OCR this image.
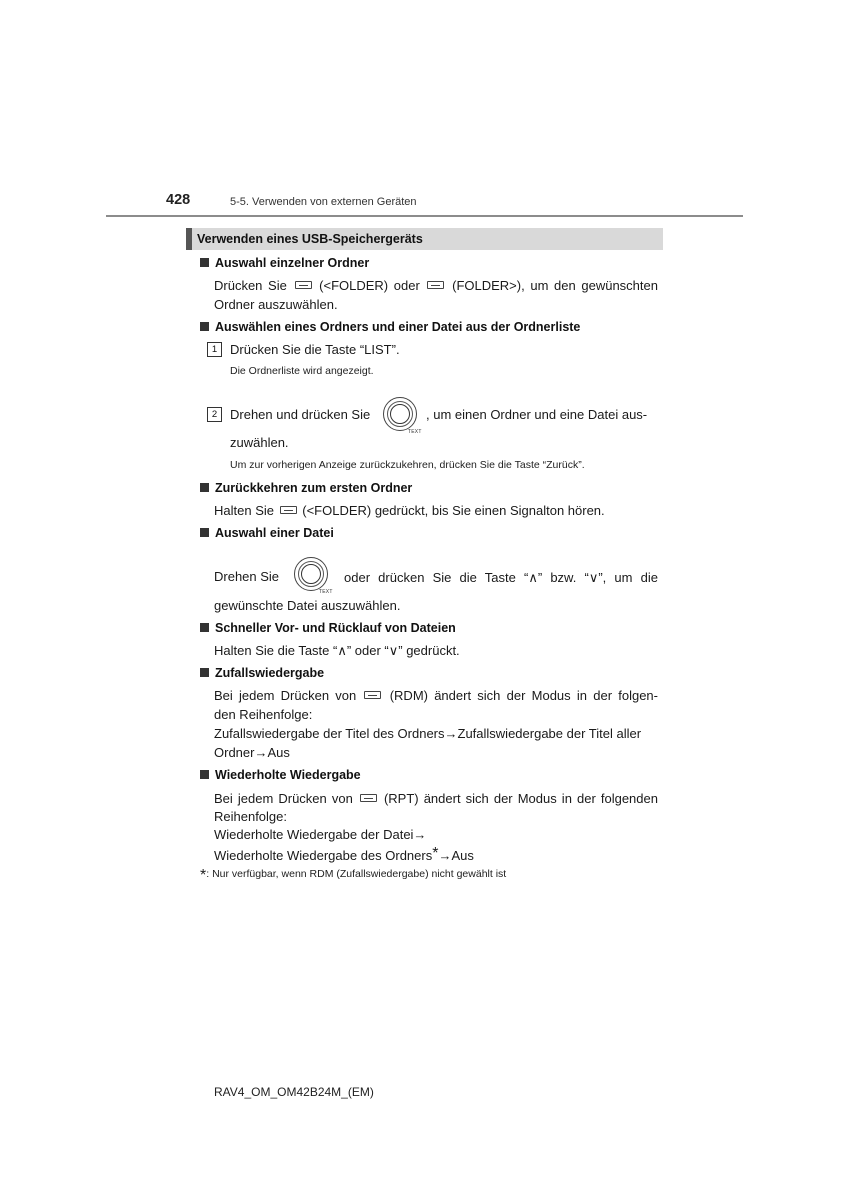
428	5-5. Verwenden von externen Geräten
Verwenden eines USB-Speichergeräts
Auswahl einzelner Ordner
Drücken Sie (<FOLDER) oder (FOLDER>), um den gewünschten
Ordner auszuwählen.
Auswählen eines Ordners und einer Datei aus der Ordnerliste
1 Drücken Sie die Taste “LIST”.
Die Ordnerliste wird angezeigt.
2 Drehen und drücken Sie
TEXT
, um einen Ordner und eine Datei aus-
zuwählen.
Um zur vorherigen Anzeige zurückzukehren, drücken Sie die Taste “Zurück”.
Zurückkehren zum ersten Ordner
Halten Sie (<FOLDER) gedrückt, bis Sie einen Signalton hören.
Auswahl einer Datei
Drehen Sie
TEXT
oder drücken Sie die Taste “∧” bzw. “∨”, um die
gewünschte Datei auszuwählen.
Schneller Vor- und Rücklauf von Dateien
Halten Sie die Taste “∧” oder “∨” gedrückt.
Zufallswiedergabe
Bei jedem Drücken von	(RDM) ändert sich der Modus in der folgen-
den Reihenfolge:
Zufallswiedergabe der Titel des Ordners→Zufallswiedergabe der Titel aller
Ordner→Aus
Wiederholte Wiedergabe
Bei jedem Drücken von (RPT) ändert sich der Modus in der folgenden
Reihenfolge:
Wiederholte Wiedergabe der Datei→
Wiederholte Wiedergabe des Ordners*→Aus
*: Nur verfügbar, wenn RDM (Zufallswiedergabe) nicht gewählt ist
RAV4_OM_OM42B24M_(EM)
